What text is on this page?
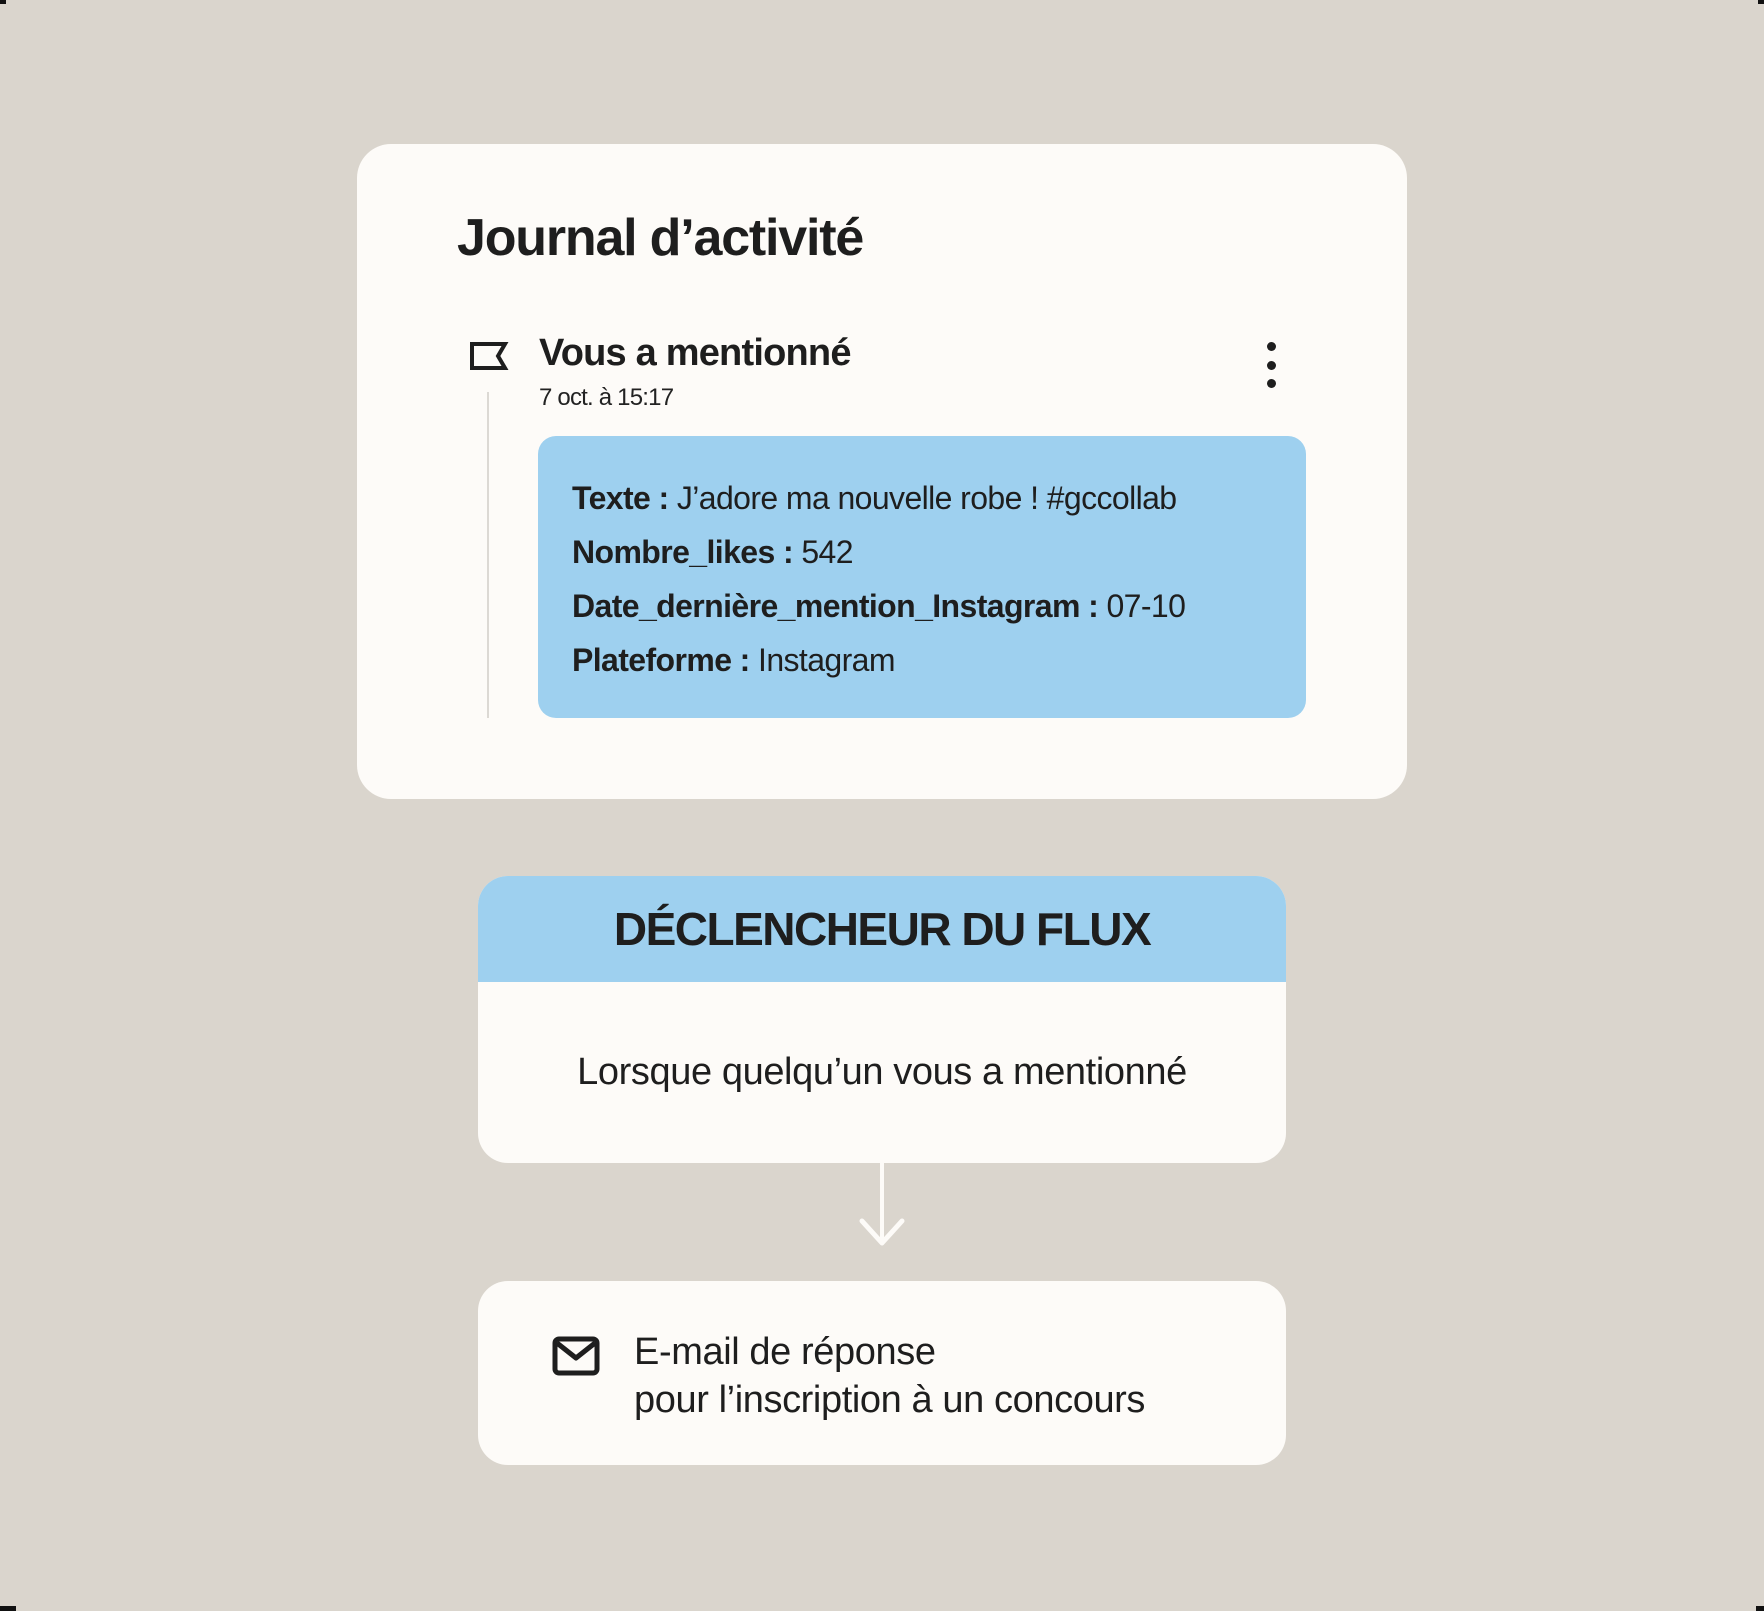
Journal d’activité
Vous a mentionné
7 oct. à 15:17
Texte : J’adore ma nouvelle robe ! #gccollab
Nombre_likes : 542
Date_dernière_mention_Instagram : 07-10
Plateforme : Instagram
DÉCLENCHEUR DU FLUX
Lorsque quelqu’un vous a mentionné
E-mail de réponse
pour l’inscription à un concours
